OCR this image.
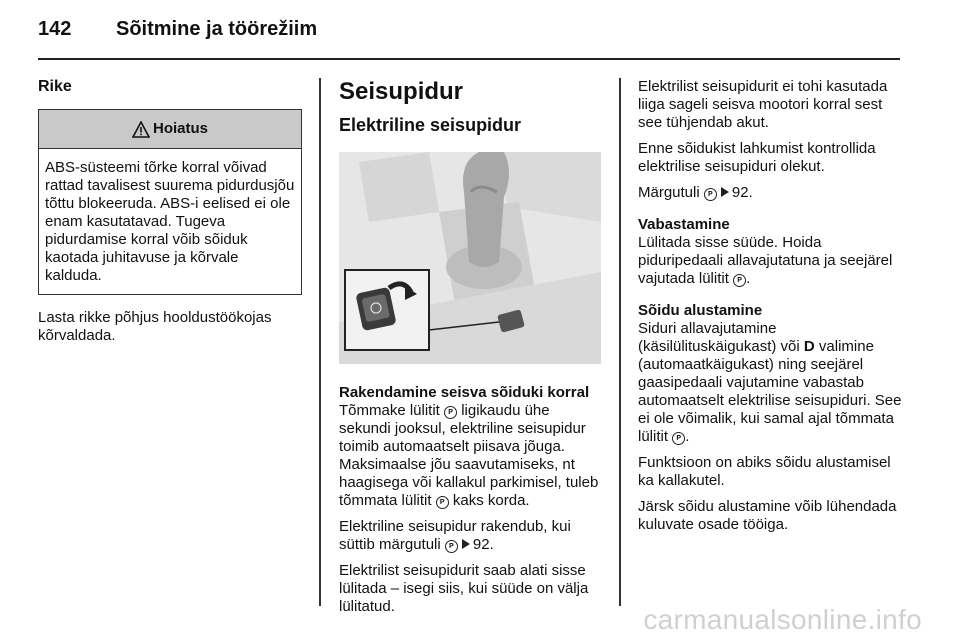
142 Sõitmine ja töörežiim
Rike
Hoiatus
ABS-süsteemi tõrke korral võivad rattad tavalisest suurema pidurdusjõu tõttu blokeeruda. ABS-i eelised ei ole enam kasutatavad. Tugeva pidurdamise korral võib sõiduk kaotada juhitavuse ja kõrvale kalduda.

Lasta rikke põhjus hooldustöökojas kõrvaldada.

Seisupidur
Elektriline seisupidur
Rakendamine seisva sõiduki korral

Tõmmake lülitit P ligikaudu ühe sekundi jooksul, elektriline seisupidur toimib automaatselt piisava jõuga. Maksimaalse jõu saavutamiseks, nt haagisega või kallakul parkimisel, tuleb tõmmata lülitit P kaks korda.

Elektriline seisupidur rakendub, kui süttib märgutuli P 92.

Elektrilist seisupidurit saab alati sisse lülitada – isegi siis, kui süüde on välja lülitatud.

Elektrilist seisupidurit ei tohi kasutada liiga sageli seisva mootori korral sest see tühjendab akut.

Enne sõidukist lahkumist kontrollida elektrilise seisupiduri olekut.

Märgutuli P 92.

Vabastamine

Lülitada sisse süüde. Hoida piduripedaali allavajutatuna ja seejärel vajutada lülitit P .

Sõidu alustamine

Siduri allavajutamine (käsilülituskäigukast) või D valimine (automaatkäigukast) ning seejärel gaasipedaali vajutamine vabastab automaatselt elektrilise seisupiduri. See ei ole võimalik, kui samal ajal tõmmata lülitit P .

Funktsioon on abiks sõidu alustamisel ka kallakutel.

Järsk sõidu alustamine võib lühendada kuluvate osade tööiga.

carmanualsonline.info
